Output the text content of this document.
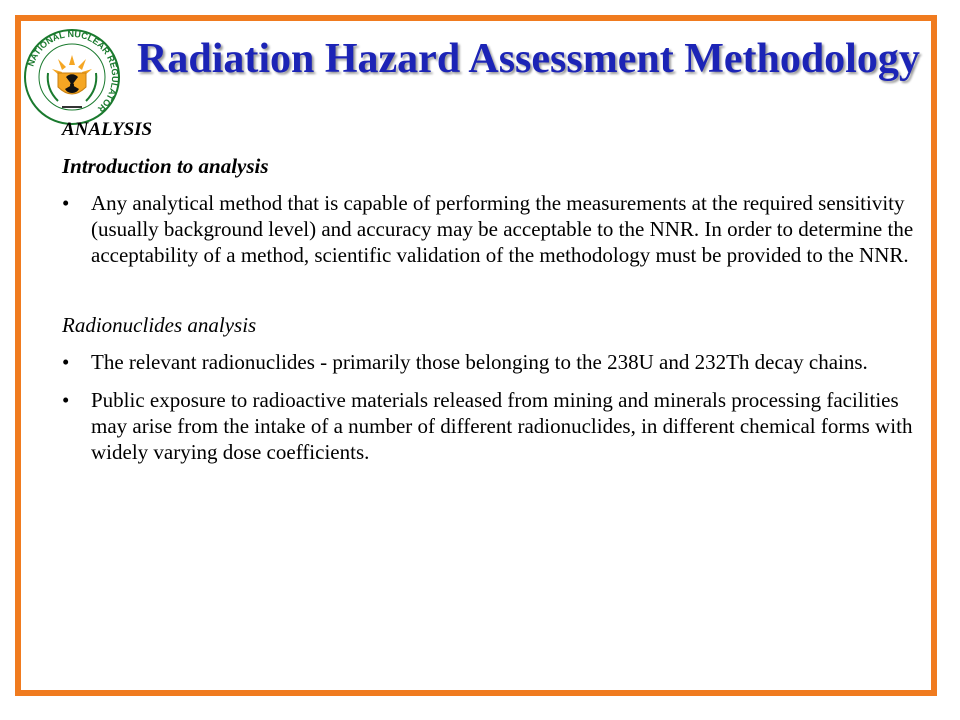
NATIONAL NUCLEAR REGULATOR
Radiation Hazard Assessment Methodology

ANALYSIS

Introduction to analysis

• Any analytical method that is capable of performing the measurements at the required sensitivity (usually background level) and accuracy may be acceptable to the NNR. In order to determine the acceptability of a method, scientific validation of the methodology must be provided to the NNR.

Radionuclides analysis

• The relevant radionuclides - primarily those belonging to the 238U and 232Th decay chains.
• Public exposure to radioactive materials released from mining and minerals processing facilities may arise from the intake of a number of different radionuclides, in different chemical forms with widely varying dose coefficients.
